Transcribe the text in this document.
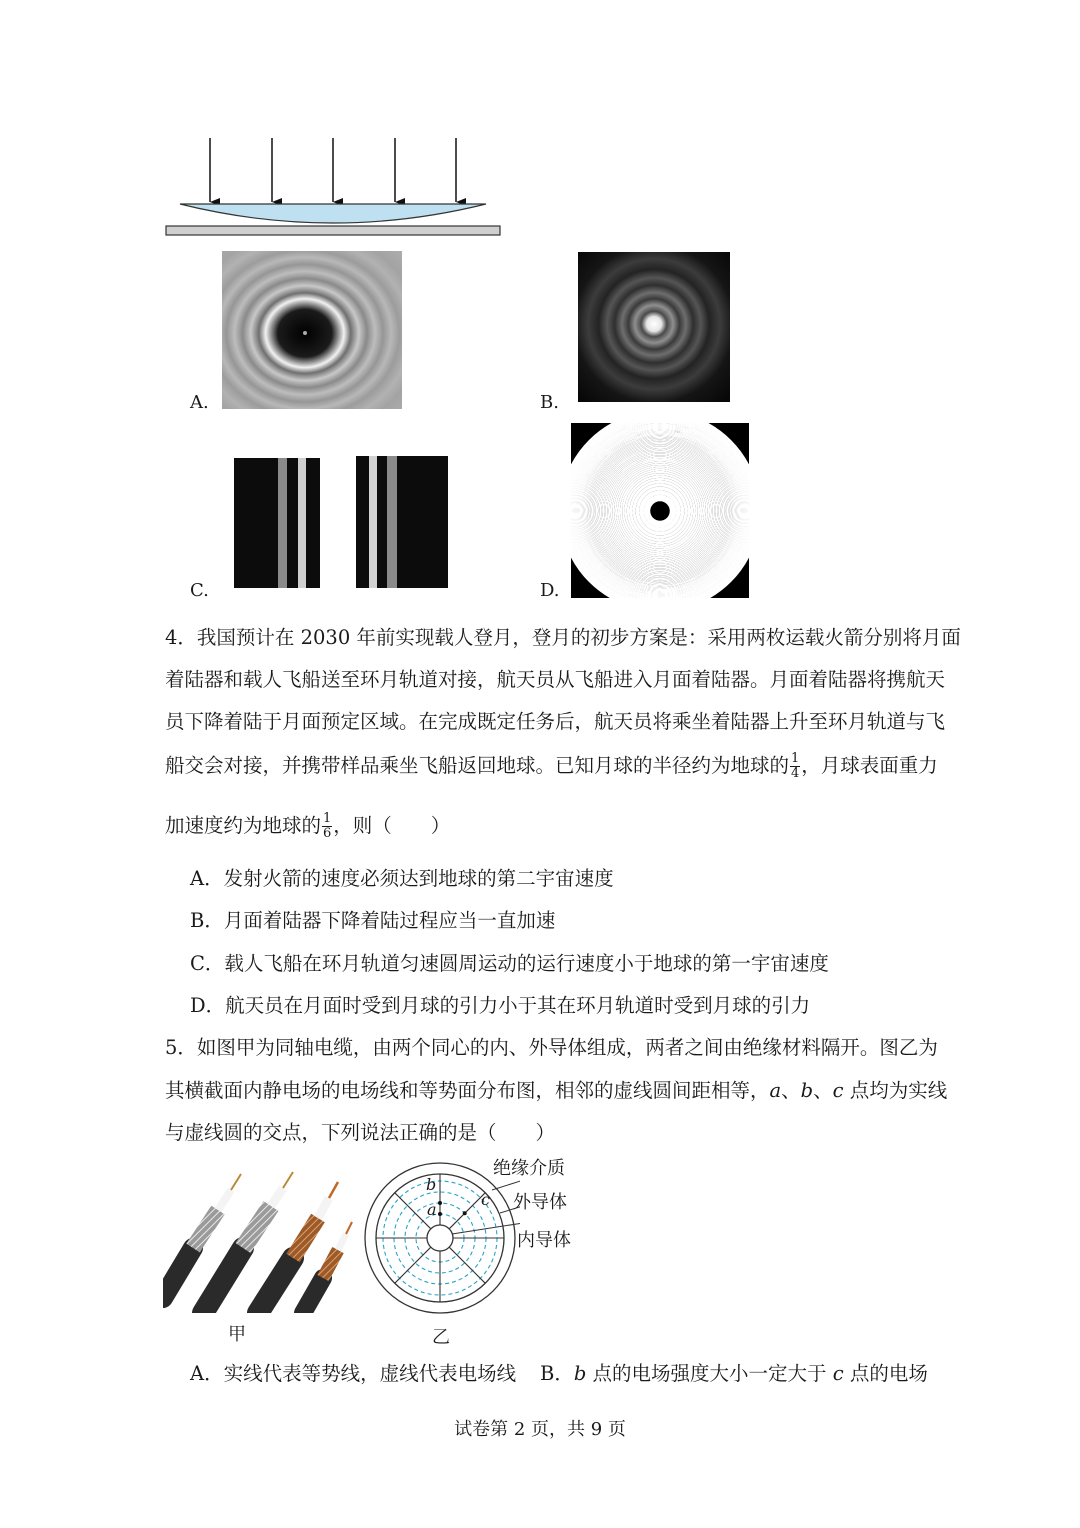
A.	B.
C.	D.
4．我国预计在 2030 年前实现载人登月，登月的初步方案是：采用两枚运载火箭分别将月面
着陆器和载人飞船送至环月轨道对接，航天员从飞船进入月面着陆器。月面着陆器将携航天
员下降着陆于月面预定区域。在完成既定任务后，航天员将乘坐着陆器上升至环月轨道与飞
船交会对接，并携带样品乘坐飞船返回地球。已知月球的半径约为地球的 $\frac{1}{4}$ ，月球表面重力
加速度约为地球的 $\frac{1}{6}$ ，则（　　）
A．发射火箭的速度必须达到地球的第二宇宙速度
B．月面着陆器下降着陆过程应当一直加速
C．载人飞船在环月轨道匀速圆周运动的运行速度小于地球的第一宇宙速度
D．航天员在月面时受到月球的引力小于其在环月轨道时受到月球的引力
5．如图甲为同轴电缆，由两个同心的内、外导体组成，两者之间由绝缘材料隔开。图乙为
其横截面内静电场的电场线和等势面分布图，相邻的虚线圆间距相等，a、b、c 点均为实线
与虚线圆的交点，下列说法正确的是（　　）
甲
b
a
c
绝缘介质
外导体
内导体
乙
A．实线代表等势线，虚线代表电场线 B．b 点的电场强度大小一定大于 c 点的电场
试卷第 2 页，共 9 页
